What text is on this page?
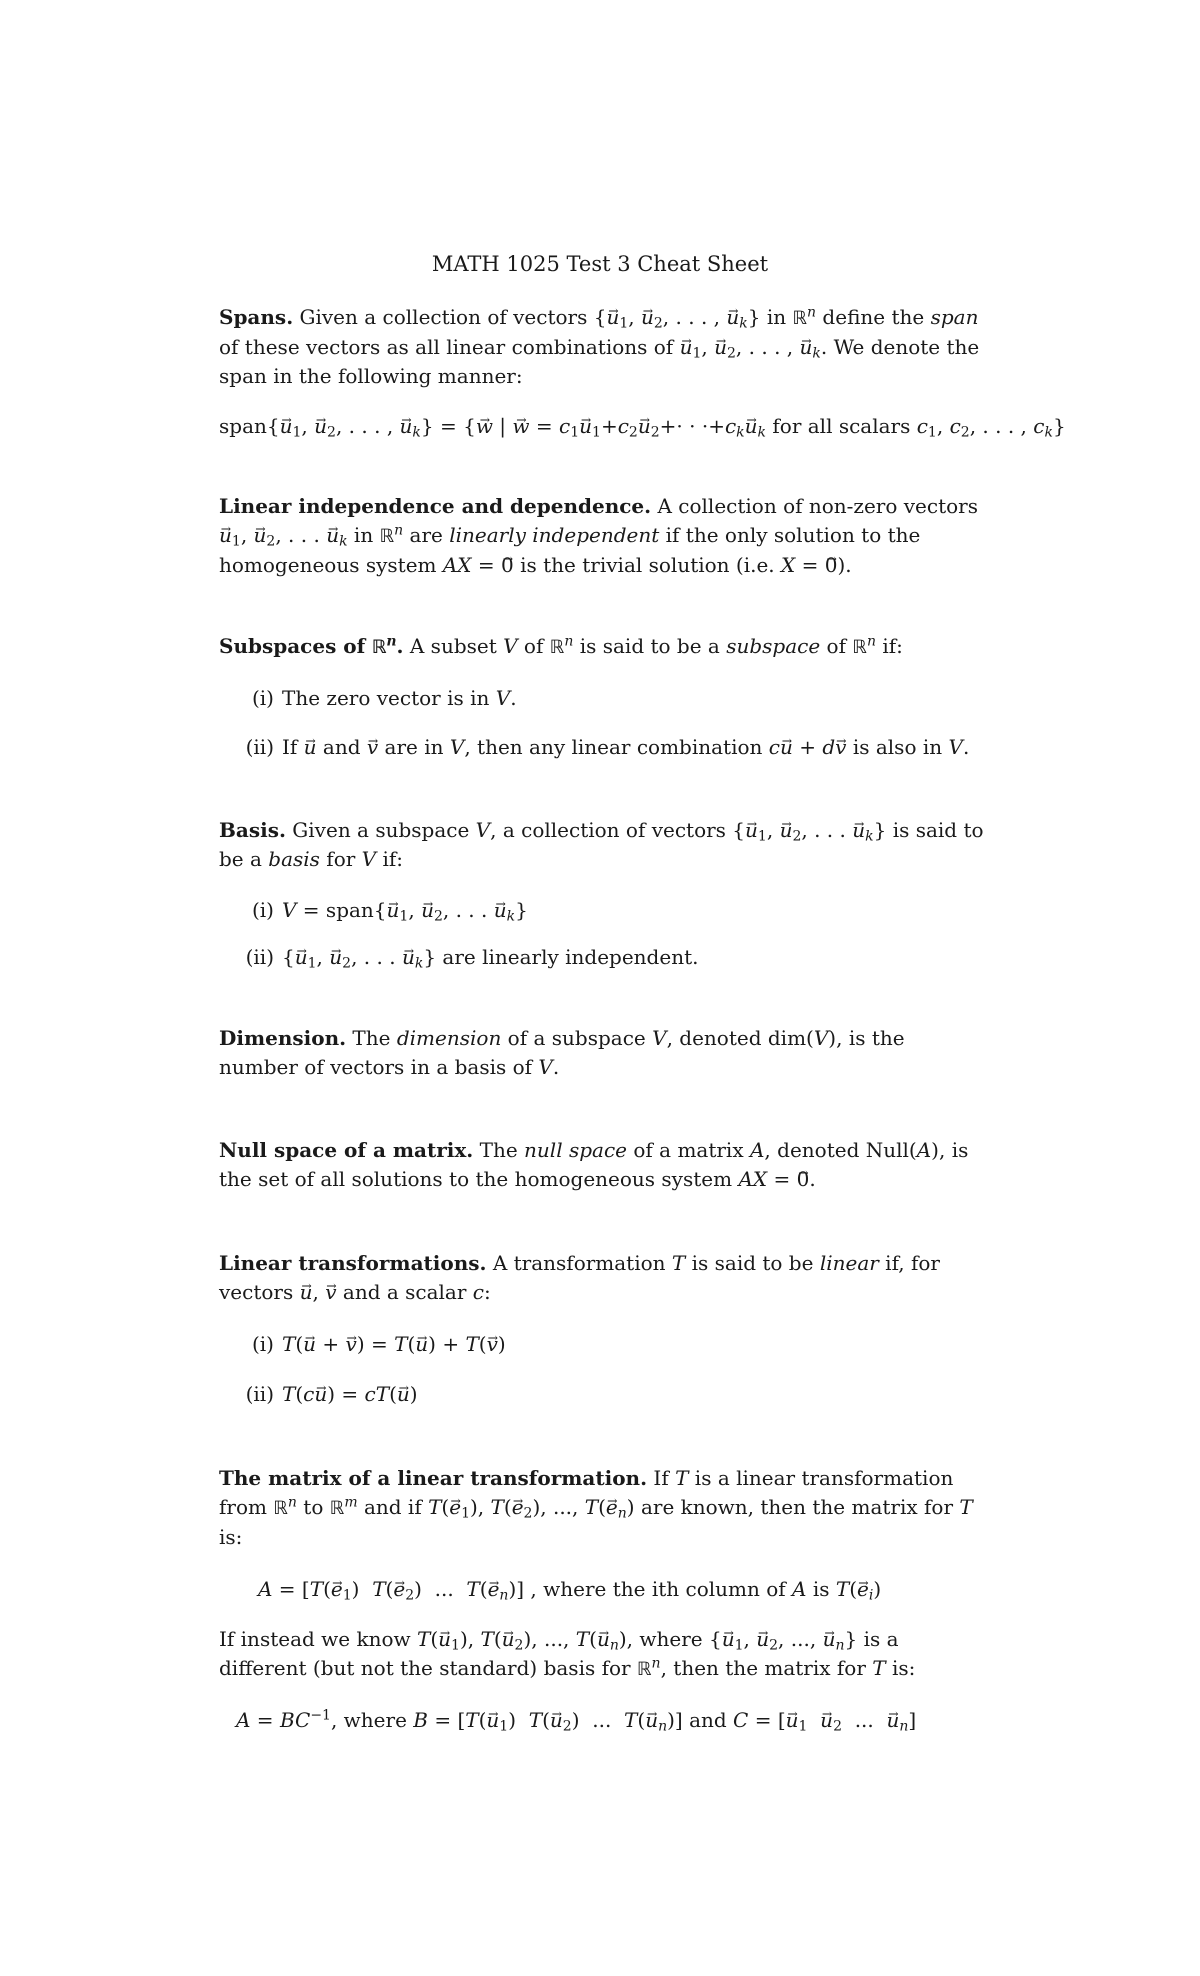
MATH 1025 Test 3 Cheat Sheet
Spans. Given a collection of vectors {→ $u_1$, → $u_2$, . . . , → $u_k$} in ℝ$^n$ define the span of these vectors as all linear combinations of → $u_1$, → $u_2$, . . . , → $u_k$. We denote the span in the following manner:
span{→ $u_1$, → $u_2$, . . . , → $u_k$} = {→ w | → $w = c_1\to u_1+c_2\to u_2+\cdot \cdot \cdot+c_k\to u_k$ for all scalars $c_1$, $c_2$, . . . , $c_k$}
Linear independence and dependence. A collection of non-zero vectors → $u_1$, → $u_2$, . . . → $u_k$ in ℝ$^n$ are linearly independent if the only solution to the homogeneous system AX = → 0 is the trivial solution (i.e. X = → 0).
Subspaces of ℝ$^n$. A subset V of ℝ$^n$ is said to be a subspace of ℝ$^n$ if:
(i) The zero vector is in V.
(ii) If → u and → v are in V, then any linear combination c→ u + d→ v is also in V.
Basis. Given a subspace V, a collection of vectors {→ $u_1$, → $u_2$, . . . → $u_k$} is said to be a basis for V if:
(i) V = span{→ $u_1$, → $u_2$, . . . → $u_k$}
(ii) {→ $u_1$, → $u_2$, . . . → $u_k$} are linearly independent.
Dimension. The dimension of a subspace V, denoted dim(V), is the number of vectors in a basis of V.
Null space of a matrix. The null space of a matrix A, denoted Null(A), is the set of all solutions to the homogeneous system AX = → 0.
Linear transformations. A transformation T is said to be linear if, for vectors → u, → v and a scalar c:
(i) T(→ u + → v) = T(→ u) + T(→ v)
(ii) T(c→ u) = cT(→ u)
The matrix of a linear transformation. If T is a linear transformation from ℝ$^n$ to ℝ$^m$ and if $T(\to e_1)$, $T(\to e_2)$, ..., $T(\to e_n)$ are known, then the matrix for T is:
$A = [T(\to e_1)$  $T(\to e_2)$  ...  $T(\to e_n)$] , where the ith column of A is $T(\to e_i)$
If instead we know $T(\to u_1)$, $T(\to u_2)$, ..., $T(\to u_n)$, where {→ $u_1$, → $u_2$, ..., → $u_n$} is a different (but not the standard) basis for ℝ$^n$, then the matrix for T is:
$A = BC^{-1}$, where $B = [T(\to u_1)$  $T(\to u_2)$  ...  $T(\to u_n)$] and C = [→ $u_1 \to u_2$  ...  → $u_n$]
